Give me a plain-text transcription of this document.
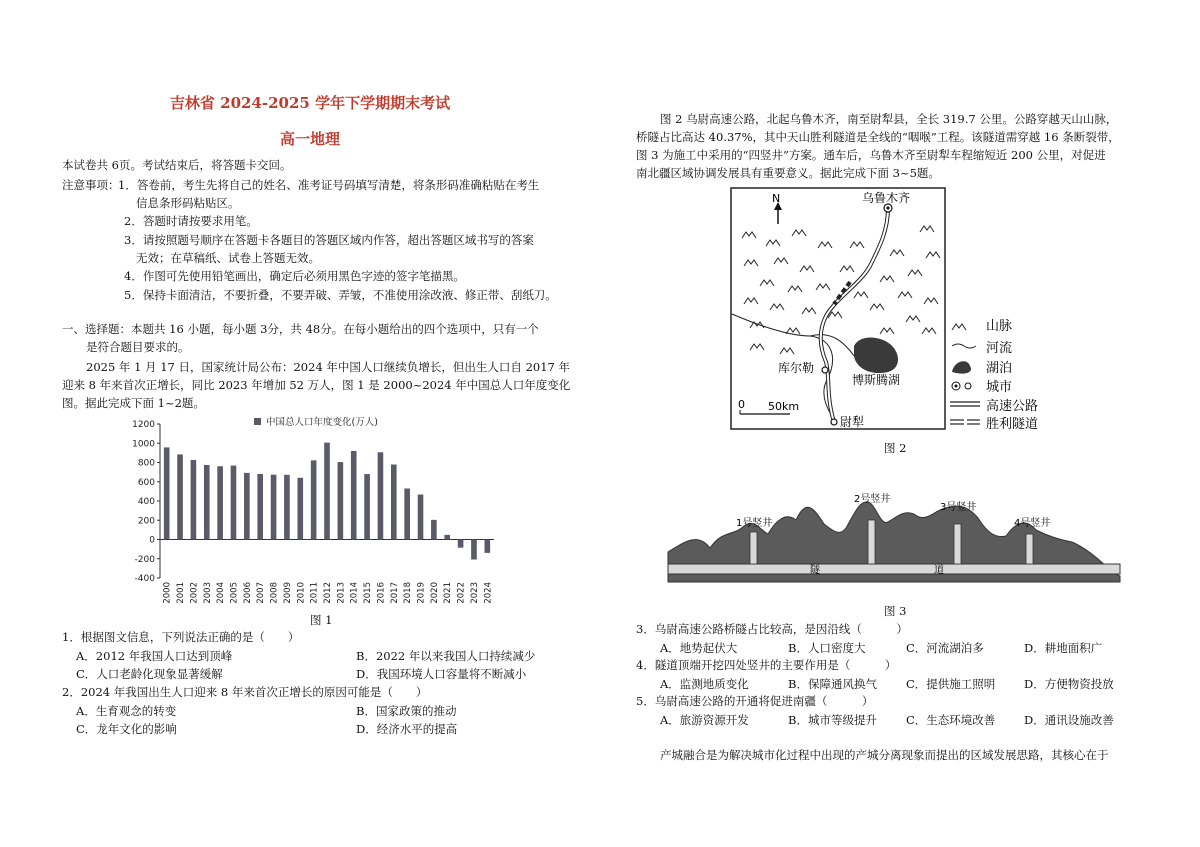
吉林省 2024-2025 学年下学期期末考试
高一地理
本试卷共 6页。考试结束后，将答题卡交回。
注意事项：
1．答卷前，考生先将自己的姓名、准考证号码填写清楚，将条形码准确粘贴在考生
信息条形码粘贴区。
2．答题时请按要求用笔。
3．请按照题号顺序在答题卡各题目的答题区域内作答，超出答题区域书写的答案
无效；在草稿纸、试卷上答题无效。
4．作图可先使用铅笔画出，确定后必须用黑色字迹的签字笔描黑。
5．保持卡面清洁，不要折叠，不要弄破、弄皱，不准使用涂改液、修正带、刮纸刀。
一、选择题：本题共 16 小题，每小题 3分，共 48分。在每小题给出的四个选项中，只有一个
是符合题目要求的。
2025 年 1 月 17 日，国家统计局公布：2024 年中国人口继续负增长，但出生人口自 2017 年
迎来 8 年来首次正增长，同比 2023 年增加 52 万人，图 1 是 2000~2024 年中国总人口年度变化
图。据此完成下面 1~2题。
-400
-200
0
200
400
600
800
1000
1200
2000 2001 2002 2003 2004 2005 2006 2007 2008 2009 2010 2011 2012 2013 2014 2015 2016 2017 2018 2019 2020 2021 2022 2023 2024
中国总人口年度变化(万人)
图 1
1．根据图文信息，下列说法正确的是（　　）
A．2012 年我国人口达到顶峰	B．2022 年以来我国人口持续减少
C．人口老龄化现象显著缓解	D．我国环境人口容量将不断减小
2．2024 年我国出生人口迎来 8 年来首次正增长的原因可能是（　　）
A．生育观念的转变	B．国家政策的推动
C．龙年文化的影响	D．经济水平的提高
图 2 乌尉高速公路，北起乌鲁木齐，南至尉犁县，全长 319.7 公里。公路穿越天山山脉，
桥隧占比高达 40.37%，其中天山胜利隧道是全线的“咽喉”工程。该隧道需穿越 16 条断裂带，
图 3 为施工中采用的“四竖井”方案。通车后，乌鲁木齐至尉犁车程缩短近 200 公里，对促进
南北疆区域协调发展具有重要意义。据此完成下面 3~5题。
N	乌鲁木齐
库尔勒
博斯腾湖
尉犁
0 50km
山脉
河流
湖泊
城市
高速公路
胜利隧道
图 2
1号竖井
2号竖井
3号竖井
4号竖井
隧	道
图 3
3．乌尉高速公路桥隧占比较高，是因沿线（　　　）
A．地势起伏大	B．人口密度大	C．河流湖泊多	D．耕地面积广
4．隧道顶端开挖四处竖井的主要作用是（　　　）
A．监测地质变化	B．保障通风换气	C．提供施工照明 D．方便物资投放
5．乌尉高速公路的开通将促进南疆（　　　）
A．旅游资源开发	B．城市等级提升	C．生态环境改善 D．通讯设施改善
产城融合是为解决城市化过程中出现的产城分离现象而提出的区域发展思路，其核心在于
